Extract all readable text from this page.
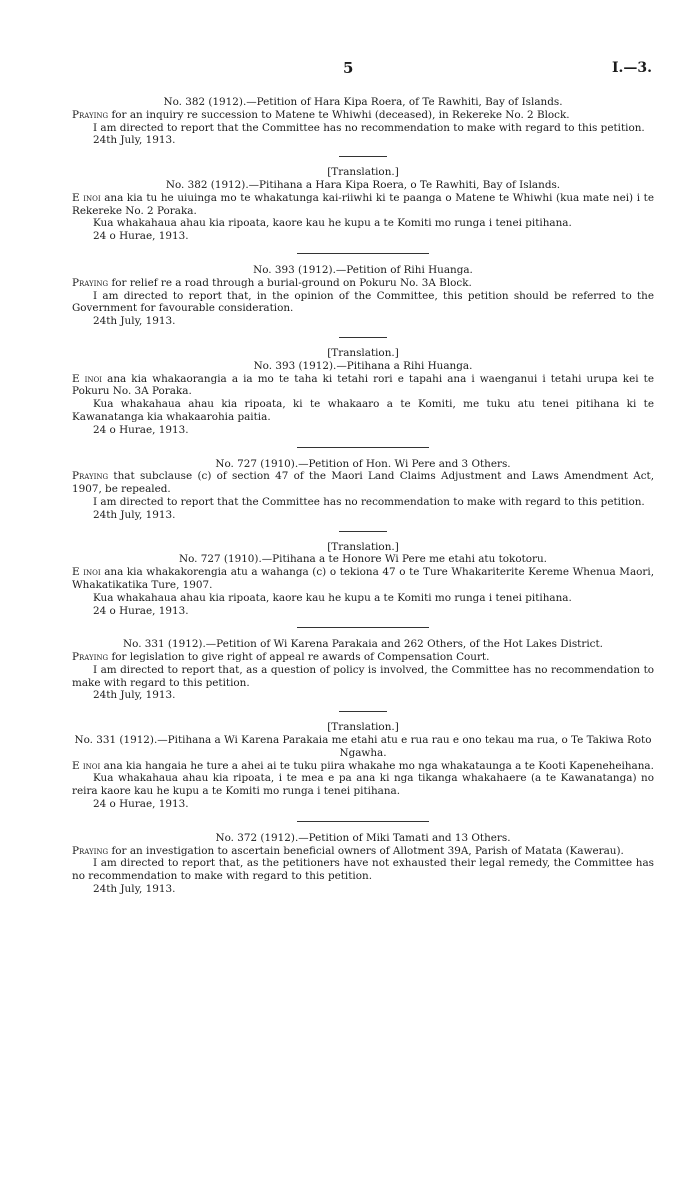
5	I.—3.
No. 382 (1912).—Petition of Hara Kipa Roera, of Te Rawhiti, Bay of Islands.
Praying for an inquiry re succession to Matene te Whiwhi (deceased), in Rekereke No. 2 Block.
I am directed to report that the Committee has no recommendation to make with regard to this petition.
24th July, 1913.
[Translation.]
No. 382 (1912).—Pitihana a Hara Kipa Roera, o Te Rawhiti, Bay of Islands.
E inoi ana kia tu he uiuinga mo te whakatunga kai-riiwhi ki te paanga o Matene te Whiwhi (kua mate nei) i te Rekereke No. 2 Poraka.
Kua whakahaua ahau kia ripoata, kaore kau he kupu a te Komiti mo runga i tenei pitihana.
24 o Hurae, 1913.
No. 393 (1912).—Petition of Rihi Huanga.
Praying for relief re a road through a burial-ground on Pokuru No. 3A Block.
I am directed to report that, in the opinion of the Committee, this petition should be referred to the Government for favourable consideration.
24th July, 1913.
[Translation.]
No. 393 (1912).—Pitihana a Rihi Huanga.
E inoi ana kia whakaorangia a ia mo te taha ki tetahi rori e tapahi ana i waenganui i tetahi urupa kei te Pokuru No. 3A Poraka.
Kua whakahaua ahau kia ripoata, ki te whakaaro a te Komiti, me tuku atu tenei pitihana ki te Kawanatanga kia whakaarohia paitia.
24 o Hurae, 1913.
No. 727 (1910).—Petition of Hon. Wi Pere and 3 Others.
Praying that subclause (c) of section 47 of the Maori Land Claims Adjustment and Laws Amendment Act, 1907, be repealed.
I am directed to report that the Committee has no recommendation to make with regard to this petition.
24th July, 1913.
[Translation.]
No. 727 (1910).—Pitihana a te Honore Wi Pere me etahi atu tokotoru.
E inoi ana kia whakakorengia atu a wahanga (c) o tekiona 47 o te Ture Whakariterite Kereme Whenua Maori, Whakatikatika Ture, 1907.
Kua whakahaua ahau kia ripoata, kaore kau he kupu a te Komiti mo runga i tenei pitihana.
24 o Hurae, 1913.
No. 331 (1912).—Petition of Wi Karena Parakaia and 262 Others, of the Hot Lakes District.
Praying for legislation to give right of appeal re awards of Compensation Court.
I am directed to report that, as a question of policy is involved, the Committee has no recommendation to make with regard to this petition.
24th July, 1913.
[Translation.]
No. 331 (1912).—Pitihana a Wi Karena Parakaia me etahi atu e rua rau e ono tekau ma rua, o Te Takiwa Roto Ngawha.
E inoi ana kia hangaia he ture a ahei ai te tuku piira whakahe mo nga whakataunga a te Kooti Kapeneheihana.
Kua whakahaua ahau kia ripoata, i te mea e pa ana ki nga tikanga whakahaere (a te Kawanatanga) no reira kaore kau he kupu a te Komiti mo runga i tenei pitihana.
24 o Hurae, 1913.
No. 372 (1912).—Petition of Miki Tamati and 13 Others.
Praying for an investigation to ascertain beneficial owners of Allotment 39A, Parish of Matata (Kawerau).
I am directed to report that, as the petitioners have not exhausted their legal remedy, the Committee has no recommendation to make with regard to this petition.
24th July, 1913.
